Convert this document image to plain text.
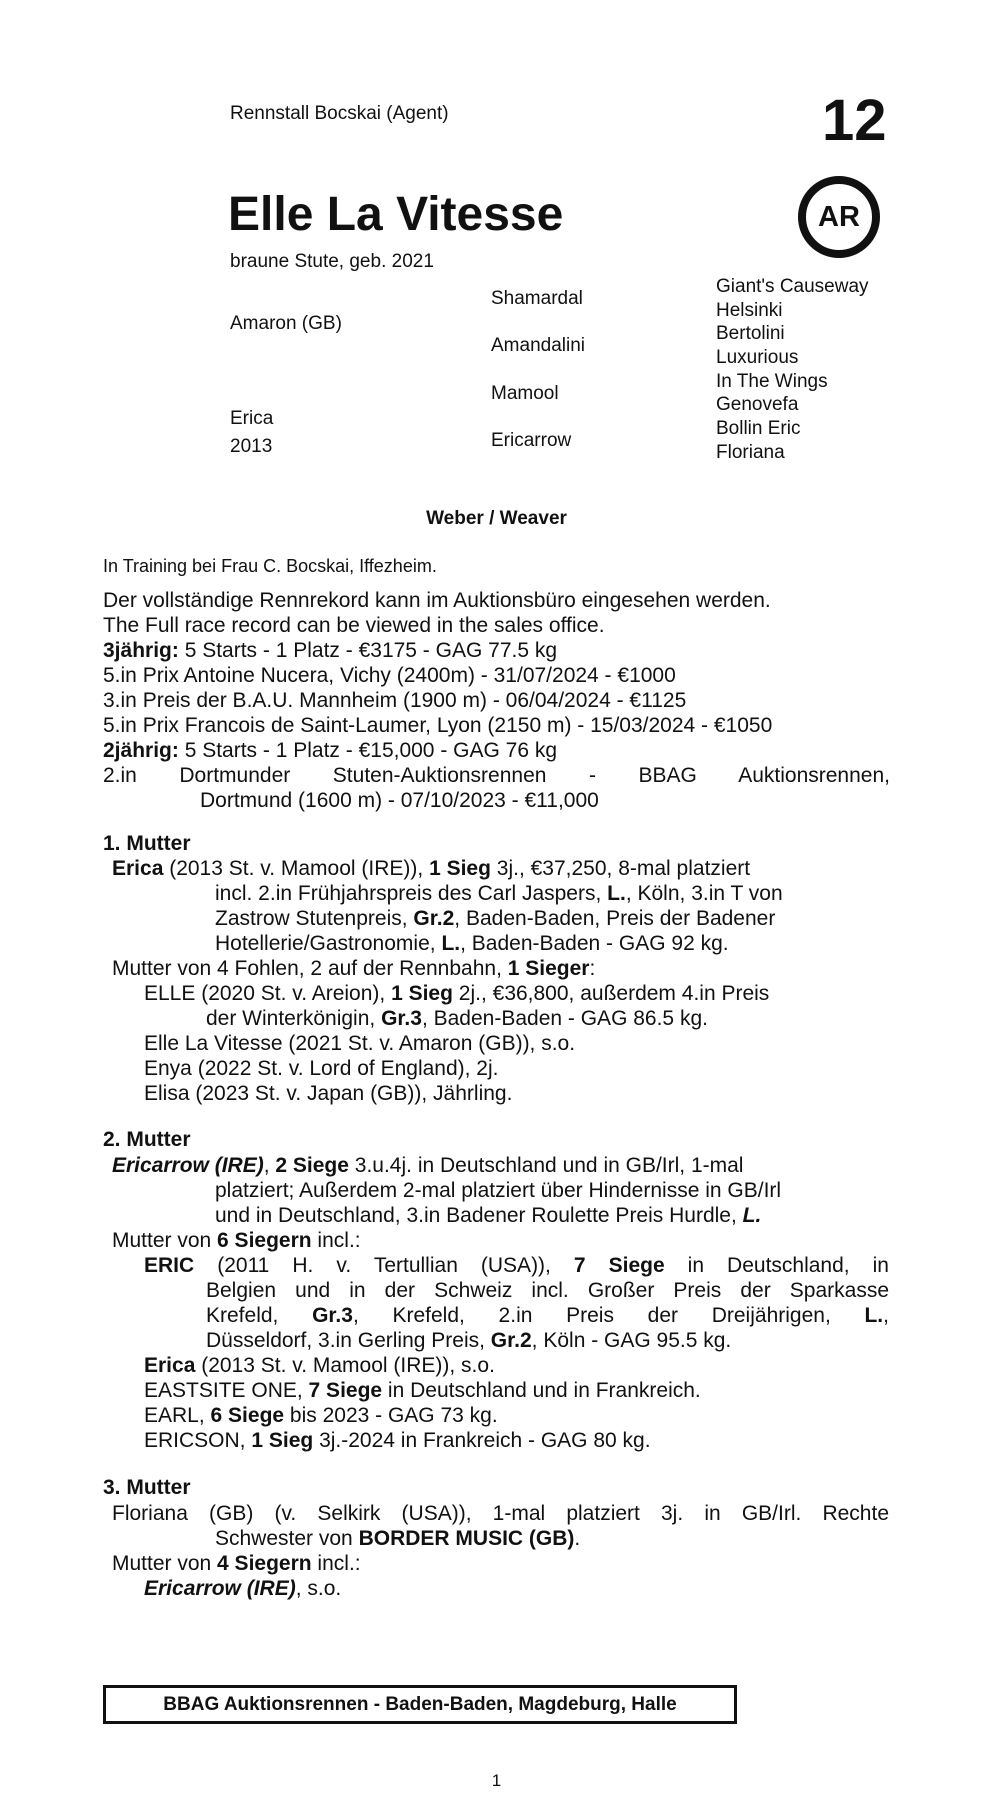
Rennstall Bocskai (Agent)	12
AR
Elle La Vitesse
braune Stute, geb. 2021
Amaron (GB)
Erica
2013
Shamardal
Amandalini
Mamool
Ericarrow
Giant's Causeway
Helsinki
Bertolini
Luxurious
In The Wings
Genovefa
Bollin Eric
Floriana
Weber / Weaver
In Training bei Frau C. Bocskai, Iffezheim.
Der vollständige Rennrekord kann im Auktionsbüro eingesehen werden.
The Full race record can be viewed in the sales office.
3jährig: 5 Starts - 1 Platz - €3175 - GAG 77.5 kg
5.in Prix Antoine Nucera, Vichy (2400m) - 31/07/2024 - €1000
3.in Preis der B.A.U. Mannheim (1900 m) - 06/04/2024 - €1125
5.in Prix Francois de Saint-Laumer, Lyon (2150 m) - 15/03/2024 - €1050
2jährig: 5 Starts - 1 Platz - €15,000 - GAG 76 kg
2.in Dortmunder Stuten-Auktionsrennen - BBAG Auktionsrennen,
Dortmund (1600 m) - 07/10/2023 - €11,000
1. Mutter
Erica (2013 St. v. Mamool (IRE)), 1 Sieg 3j., €37,250, 8-mal platziert
incl. 2.in Frühjahrspreis des Carl Jaspers, L., Köln, 3.in T von
Zastrow Stutenpreis, Gr.2, Baden-Baden, Preis der Badener
Hotellerie/Gastronomie, L., Baden-Baden - GAG 92 kg.
Mutter von 4 Fohlen, 2 auf der Rennbahn, 1 Sieger:
ELLE (2020 St. v. Areion), 1 Sieg 2j., €36,800, außerdem 4.in Preis
der Winterkönigin, Gr.3, Baden-Baden - GAG 86.5 kg.
Elle La Vitesse (2021 St. v. Amaron (GB)), s.o.
Enya (2022 St. v. Lord of England), 2j.
Elisa (2023 St. v. Japan (GB)), Jährling.
2. Mutter
Ericarrow (IRE), 2 Siege 3.u.4j. in Deutschland und in GB/Irl, 1-mal
platziert; Außerdem 2-mal platziert über Hindernisse in GB/Irl
und in Deutschland, 3.in Badener Roulette Preis Hurdle, L.
Mutter von 6 Siegern incl.:
ERIC (2011 H. v. Tertullian (USA)), 7 Siege in Deutschland, in
Belgien und in der Schweiz incl. Großer Preis der Sparkasse
Krefeld, Gr.3, Krefeld, 2.in Preis der Dreijährigen, L.,
Düsseldorf, 3.in Gerling Preis, Gr.2, Köln - GAG 95.5 kg.
Erica (2013 St. v. Mamool (IRE)), s.o.
EASTSITE ONE, 7 Siege in Deutschland und in Frankreich.
EARL, 6 Siege bis 2023 - GAG 73 kg.
ERICSON, 1 Sieg 3j.-2024 in Frankreich - GAG 80 kg.
3. Mutter
Floriana (GB) (v. Selkirk (USA)), 1-mal platziert 3j. in GB/Irl. Rechte
Schwester von BORDER MUSIC (GB).
Mutter von 4 Siegern incl.:
Ericarrow (IRE), s.o.
BBAG Auktionsrennen - Baden-Baden, Magdeburg, Halle
1
